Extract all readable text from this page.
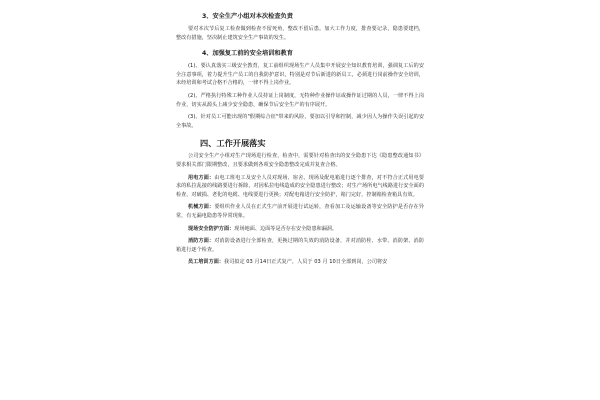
3、安全生产小组对本次检查负责

要对本次节后复工检查做到检查不留死角，整改不留后患。加大工作力度，排查要记录，隐患要建档，整改有措施，坚决制止建筑安全生产事故的发生。

4、加强复工前的安全培训和教育

(1)、要认真落实三级安全教育，复工前组织现场生产人员集中开展安全知识教育培训，强调复工后的安全注意事项，着力提升生产员工的自我防护意识，特别是对节后新进的新员工，必须进行岗前操作安全培训，未经培训和考试合格不合格的，一律不得上岗作业。

(2)、严格执行特殊工种作业人员持证上岗制度，无特种作业操作证或操作证过期的人员，一律不得上岗作业，切实从源头上减少安全隐患，确保节后安全生产的有序展开。

(3)、针对员工可能出现的"假期综合征"带来的风险，要加以引导和控制，减少因人为操作失误引起的安全事故。

四、工作开展落实

公司安全生产小组对生产现场进行检查，检查中，需要针对检查出的安全隐患下达《隐患整改通知书》要求相关部门限期整改，且要求做到各项安全隐患整改完成并复查合格。

用电方面：由电工班电工及安全人员对现场、宿舍、现场及配电箱进行逐个排查，对不符合正式用电要求的私拉乱接的线路要进行拆除，对因私拉电线造成的安全隐患进行整改；对生产场所电气线路进行安全面的检查，对破损、老化的电缆、电线要进行更换；对配电箱进行安全防护，箱门完好，控制箱检查箱具有效。

机械方面：要组织作业人员在正式生产前开展进行试运转，查看加工及运输设备等安全防护是否存在异常，有无漏电隐患等异常现象。

现场安全防护方面：现场地面、边面等是否存在安全隐患和漏洞。

消防方面：对消防设备进行全部检查，更换过期的失效的消防设备，并对消防栓、水带、消防架、消防箱进行逐个检查。

员工培训方面：我司拟定 03 月14日正式复产，人员于 03 月 10日全部到岗，公司将安
